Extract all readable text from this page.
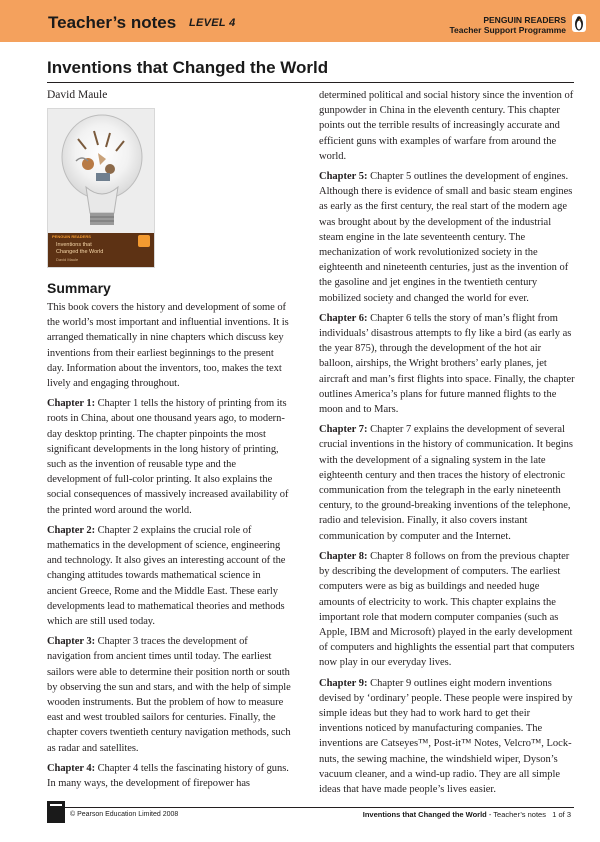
Teacher’s notes LEVEL 4	PENGUIN READERS
Teacher Support Programme
Inventions that Changed the World
David Maule
PENGUIN READERS
Inventions that
Changed the World
David Maule
Summary

This book covers the history and development of some of the world’s most important and influential inventions. It is arranged thematically in nine chapters which discuss key inventions from their earliest beginnings to the present day. Information about the inventors, too, makes the text lively and engaging throughout.

Chapter 1: Chapter 1 tells the history of printing from its roots in China, about one thousand years ago, to modern-day desktop printing. The chapter pinpoints the most significant developments in the long history of printing, such as the invention of reusable type and the development of full-color printing. It also explains the social consequences of massively increased availability of the printed word around the world.

Chapter 2: Chapter 2 explains the crucial role of mathematics in the development of science, engineering and technology. It also gives an interesting account of the changing attitudes towards mathematical science in ancient Greece, Rome and the Middle East. These early developments lead to mathematical theories and methods which are still used today.

Chapter 3: Chapter 3 traces the development of navigation from ancient times until today. The earliest sailors were able to determine their position north or south by observing the sun and stars, and with the help of simple wooden instruments. But the problem of how to measure east and west troubled sailors for centuries. Finally, the chapter covers twentieth century navigation methods, such as radar and satellites.

Chapter 4: Chapter 4 tells the fascinating history of guns. In many ways, the development of firepower has

determined political and social history since the invention of gunpowder in China in the eleventh century. This chapter points out the terrible results of increasingly accurate and efficient guns with examples of warfare from around the world.

Chapter 5: Chapter 5 outlines the development of engines. Although there is evidence of small and basic steam engines as early as the first century, the real start of the modern age was brought about by the development of the industrial steam engine in the late seventeenth century. The mechanization of work revolutionized society in the eighteenth and nineteenth centuries, just as the invention of the gasoline and jet engines in the twentieth century mobilized society and changed the world for ever.

Chapter 6: Chapter 6 tells the story of man’s flight from individuals’ disastrous attempts to fly like a bird (as early as the year 875), through the development of the hot air balloon, airships, the Wright brothers’ early planes, jet aircraft and man’s first flights into space. Finally, the chapter outlines America’s plans for future manned flights to the moon and to Mars.

Chapter 7: Chapter 7 explains the development of several crucial inventions in the history of communication. It begins with the development of a signaling system in the late eighteenth century and then traces the history of electronic communication from the telegraph in the early nineteenth century, to the ground-breaking inventions of the telephone, radio and television. Finally, it also covers instant communication by computer and the Internet.

Chapter 8: Chapter 8 follows on from the previous chapter by describing the development of computers. The earliest computers were as big as buildings and needed huge amounts of electricity to work. This chapter explains the important role that modern computer companies (such as Apple, IBM and Microsoft) played in the early development of computers and highlights the essential part that computers now play in our everyday lives.

Chapter 9: Chapter 9 outlines eight modern inventions devised by ‘ordinary’ people. These people were inspired by simple ideas but they had to work hard to get their inventions noticed by manufacturing companies. The inventions are Catseyes™, Post-it™ Notes, Velcro™, Lock-nuts, the sewing machine, the windshield wiper, Dyson’s vacuum cleaner, and a wind-up radio. They are all simple ideas that have made people’s lives easier.

© Pearson Education Limited 2008	Inventions that Changed the World - Teacher’s notes 1 of 3
